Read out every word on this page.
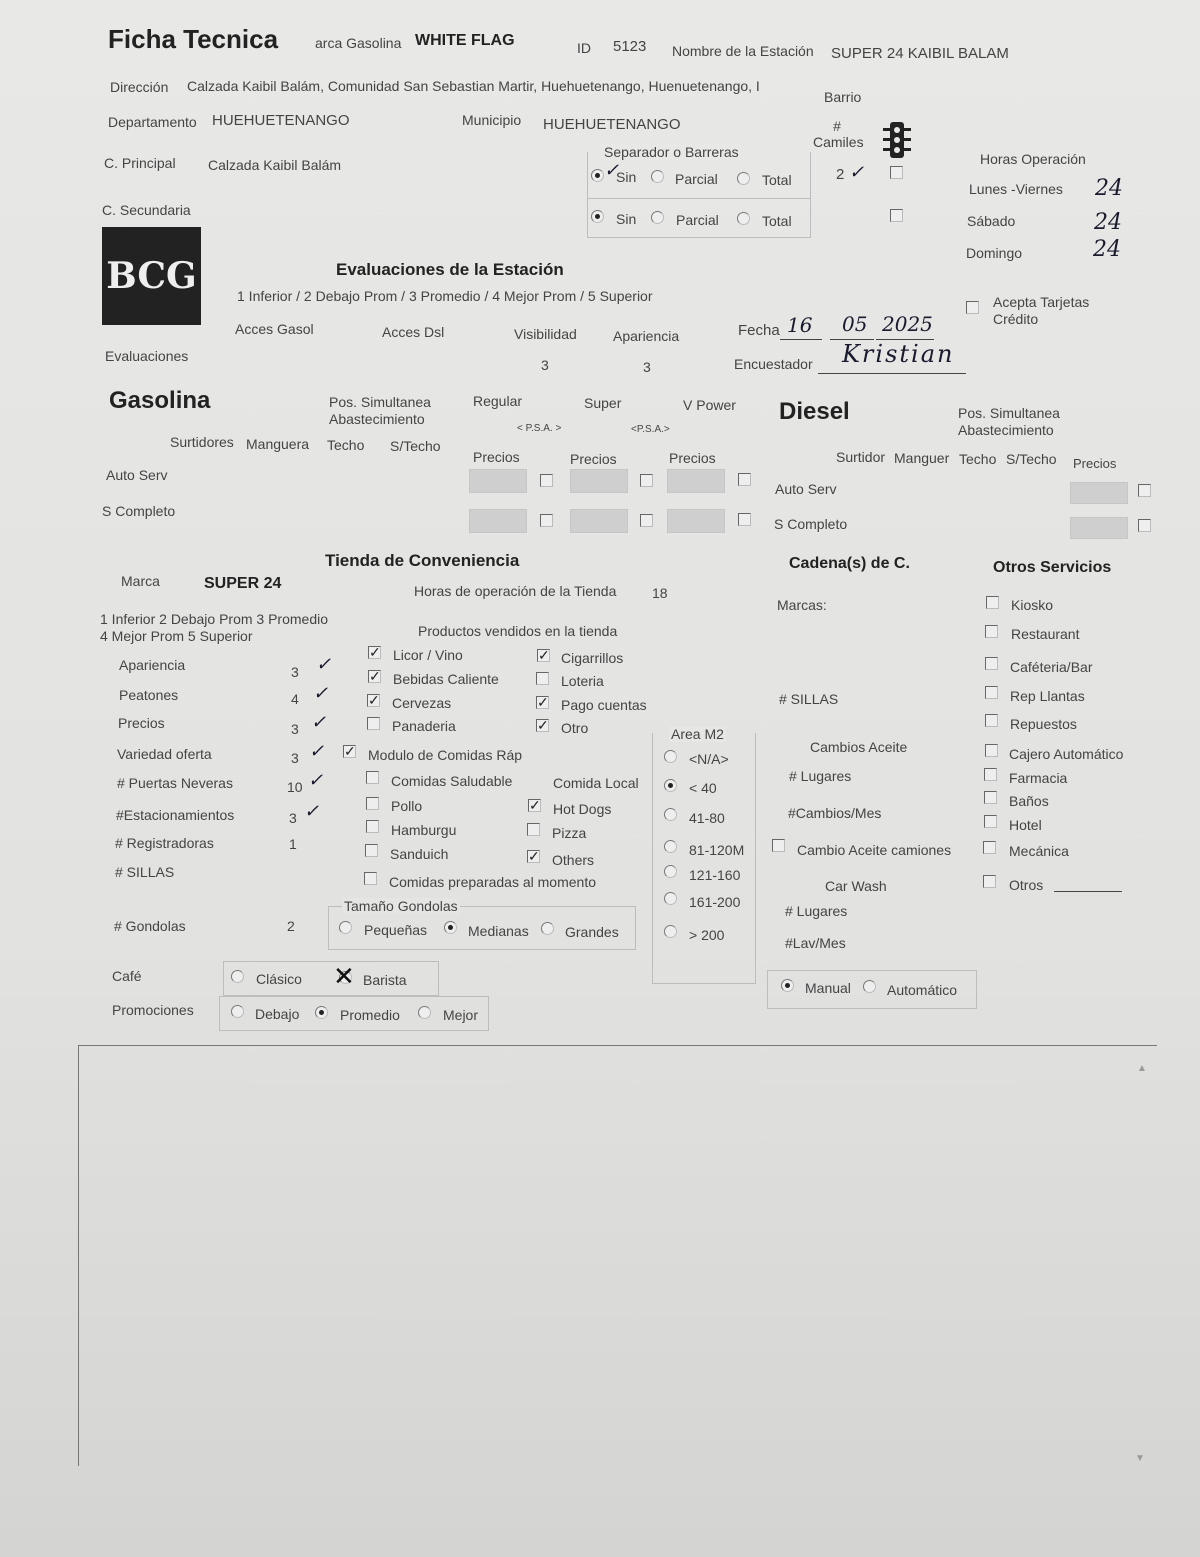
Ficha Tecnica	arca Gasolina WHITE FLAG	ID 5123 Nombre de la Estación SUPER 24 KAIBIL BALAM
Dirección Calzada Kaibil Balám, Comunidad San Sebastian Martir, Huehuetenango, Huenuetenango, I
Barrio
Departamento HUEHUETENANGO	Municipio HUEHUETENANGO	# Camiles
C. Principal Calzada Kaibil Balám
C. Secundaria
Separador o Barreras
Sin
✓	Parcial	Total	2 ✓
Sin	Parcial	Total
Horas Operación
Lunes -Viernes 24
Sábado	24
Domingo	24
Acepta Tarjetas Crédito
BCG	Evaluaciones de la Estación
1 Inferior / 2 Debajo Prom / 3 Promedio / 4 Mejor Prom / 5 Superior
Acces Gasol	Acces Dsl	Visibilidad
3
Apariencia
3
Evaluaciones
Fecha 16 05 2025
Encuestador Kristian
Gasolina	Pos. Simultanea Abastecimiento
Regular	Super	V Power
< P.S.A. >	<P.S.A.>
Surtidores Manguera Techo S/Techo
Precios	Precios	Precios
Auto Serv
S Completo
Diesel	Pos. Simultanea Abastecimiento
Surtidor Manguer Techo S/Techo Precios
Auto Serv
S Completo
Tienda de Conveniencia
Marca	SUPER 24	Horas de operación de la Tienda	18
1 Inferior 2 Debajo Prom 3 Promedio
4 Mejor Prom 5 Superior	Productos vendidos en la tienda
Apariencia	3 ✓
Peatones	4 ✓
Precios	3 ✓
Variedad oferta	3 ✓
# Puertas Neveras	10 ✓
#Estacionamientos	3 ✓
# Registradoras	1
# SILLAS
# Gondolas	2
✓ Licor / Vino
✓ Bebidas Caliente
✓ Cervezas
Panaderia
✓ Cigarrillos
Loteria
✓ Pago cuentas
✓ Otro
✓ Modulo de Comidas Ráp
Comidas Saludable	Comida Local
Pollo
Hamburgu
Sanduich
✓ Hot Dogs
Pizza
✓ Others
Comidas preparadas al momento
Tamaño Gondolas
Pequeñas	Medianas	Grandes
Café	Clásico ✕ Barista
Promociones	Debajo	Promedio	Mejor
Area M2
<N/A>
< 40
41-80
81-120M
121-160
161-200
> 200
Cadena(s) de C.
Marcas:
# SILLAS
Cambios Aceite
# Lugares
#Cambios/Mes
Cambio Aceite camiones
Car Wash
# Lugares
#Lav/Mes
Manual	Automático
Otros Servicios
Kiosko
Restaurant
Caféteria/Bar
Rep Llantas
Repuestos
Cajero Automático
Farmacia
Baños
Hotel
Mecánica
Otros
▲
▼
